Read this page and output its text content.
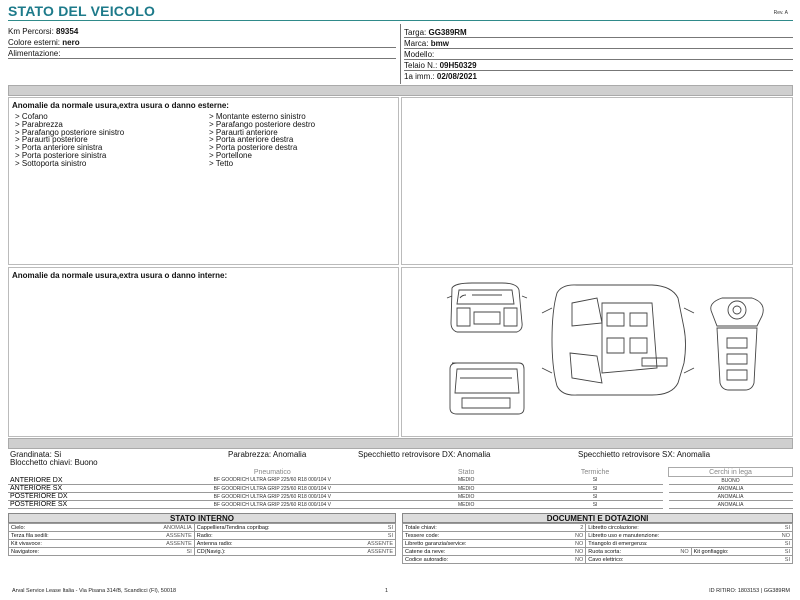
STATO DEL VEICOLO	Rev. A
Km Percorsi: 89354
Colore esterni: nero
Alimentazione:
Targa: GG389RM
Marca: bmw
Modello:
Telaio N.: 09H50329
1a imm.: 02/08/2021
Anomalie da normale usura,extra usura o danno esterne:
> Cofano
> Parabrezza
> Parafango posteriore sinistro
> Paraurti posteriore
> Porta anteriore sinistra
> Porta posteriore sinistra
> Sottoporta sinistro
> Montante esterno sinistro
> Parafango posteriore destro
> Paraurti anteriore
> Porta anteriore destra
> Porta posteriore destra
> Portellone
> Tetto
Anomalie da normale usura,extra usura o danno interne:
Grandinata: Si	Parabrezza: Anomalia	Specchietto retrovisore DX: Anomalia	Specchietto retrovisore SX: Anomalia
Blocchetto chiavi: Buono
	Pneumatico	Stato	Termiche		Cerchi in lega
ANTERIORE DX	BF GOODRICH ULTRA GRIP 225/60 R18 000/104 V	MEDIO	SI		BUONO
ANTERIORE SX	BF GOODRICH ULTRA GRIP 225/60 R18 000/104 V	MEDIO	SI		ANOMALIA
POSTERIORE DX	BF GOODRICH ULTRA GRIP 225/60 R18 000/104 V	MEDIO	SI		ANOMALIA
POSTERIORE SX	BF GOODRICH ULTRA GRIP 225/60 R18 000/104 V	MEDIO	SI		ANOMALIA
STATO INTERNO
Cielo: ANOMALIA	Cappelliera/Tendina copribag: SI

Terza fila sedili: ASSENTE	Radio: SI

Kit vivavoce: ASSENTE	Antenna radio: ASSENTE

Navigatore: SI	CD(Navig.): ASSENTE
DOCUMENTI E DOTAZIONI
Totale chiavi: 2	Libretto circolazione: SI	

Tessere code: NO	Libretto uso e manutenzione: NO	

Libretto garanzia/service: NO	Triangolo di emergenza: SI	

Catene da neve: NO	Ruota scorta: NO	Kit gonfiaggio: SI

Codice autoradio: NO	Cavo elettrico: SI	
Arval Service Lease Italia - Via Pisana 314/B, Scandicci (FI), 50018	1	ID RITIRO: 1803153 | GG389RM
